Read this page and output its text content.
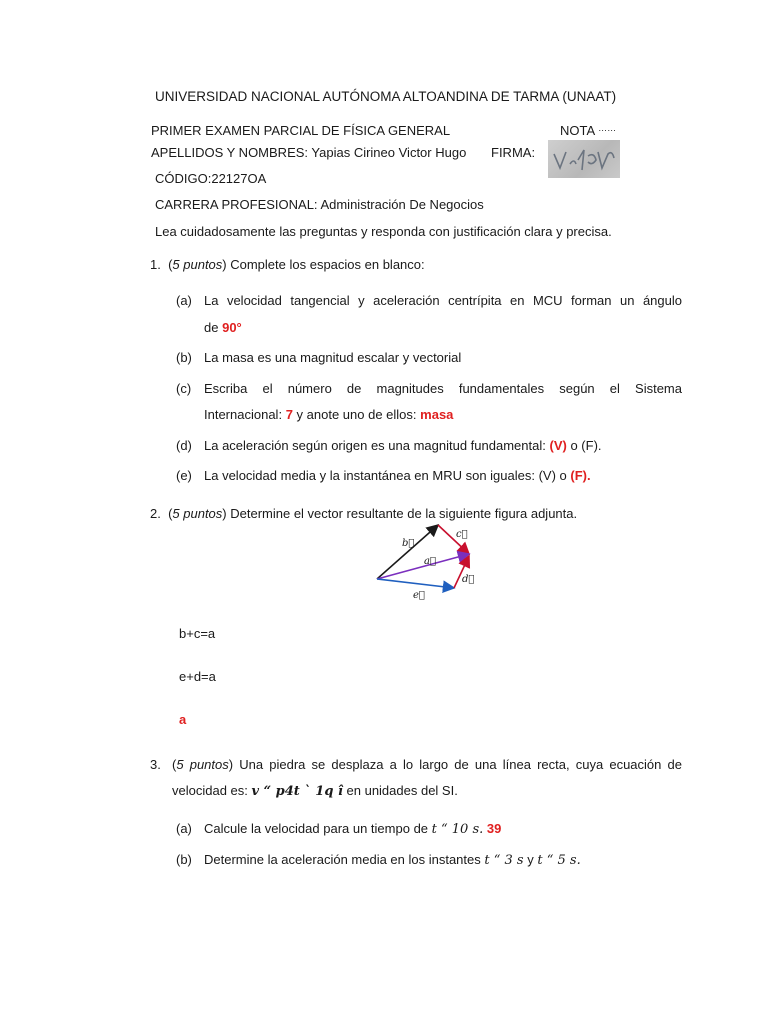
UNIVERSIDAD NACIONAL AUTÓNOMA ALTOANDINA DE TARMA (UNAAT)
PRIMER EXAMEN PARCIAL DE FÍSICA GENERAL	NOTA ……
APELLIDOS Y NOMBRES: Yapias Cirineo Victor Hugo FIRMA:
CÓDIGO:22127OA
CARRERA PROFESIONAL: Administración De Negocios
Lea cuidadosamente las preguntas y responda con justificación clara y precisa.
1.  (5 puntos) Complete los espacios en blanco:
(a) La velocidad tangencial y aceleración centrípita en MCU forman un ángulo
de 90°
(b) La masa es una magnitud escalar y vectorial
(c) Escriba el número de magnitudes fundamentales según el Sistema
Internacional: 7 y anote uno de ellos: masa
(d) La aceleración según origen es una magnitud fundamental: (V) o (F).
(e) La velocidad media y la instantánea en MRU son iguales: (V) o (F).
2.  (5 puntos) Determine el vector resultante de la siguiente figura adjunta.
b⃗
c⃗
a⃗
d⃗
e⃗
b+c=a
e+d=a
a
3. (5 puntos) Una piedra se desplaza a lo largo de una línea recta, cuya ecuación de
velocidad es: v “ p4t ` 1q î en unidades del SI.
(a) Calcule la velocidad para un tiempo de t “ 10 s. 39
(b) Determine la aceleración media en los instantes t “ 3 s y t “ 5 s.
